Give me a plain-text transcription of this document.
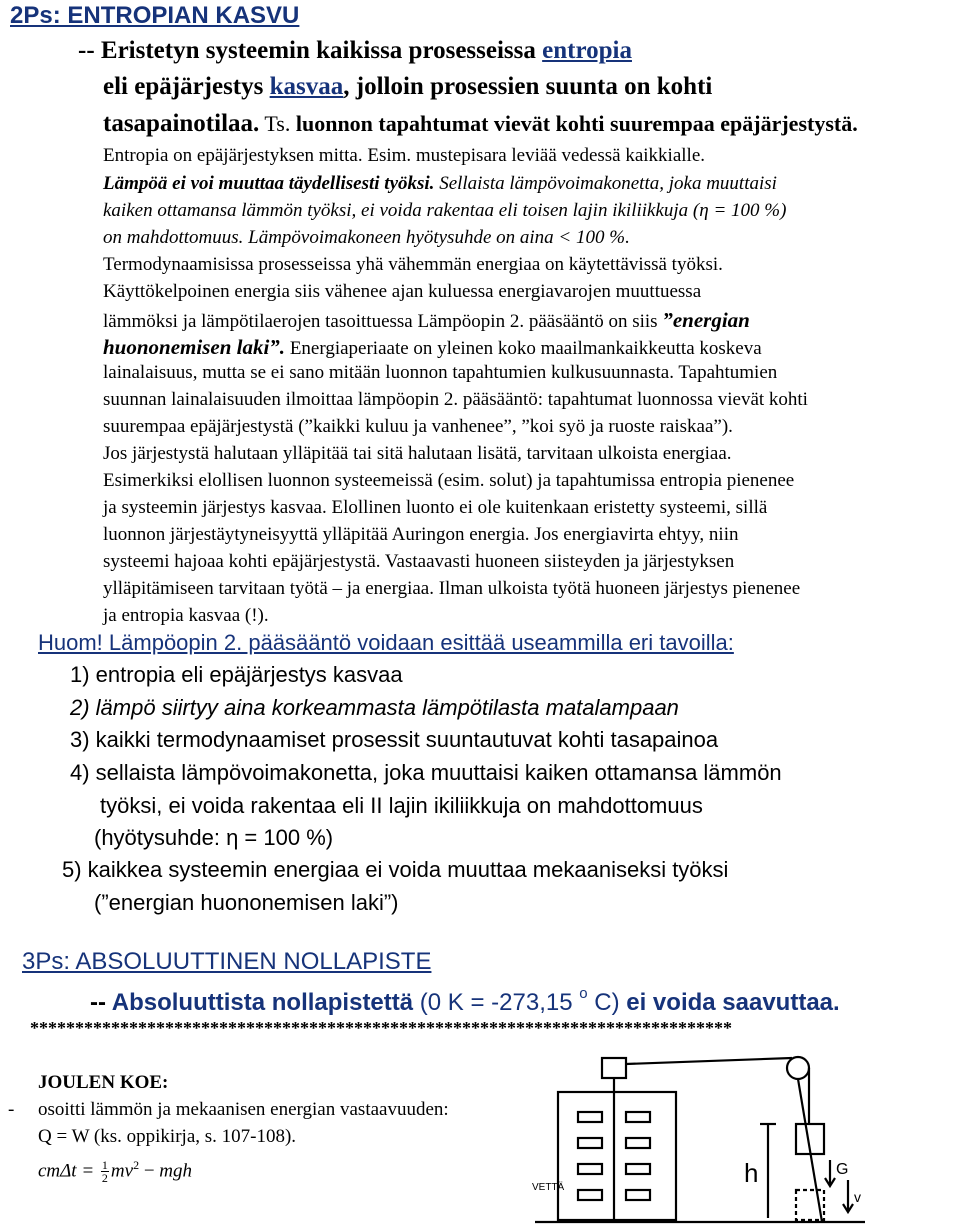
2Ps: ENTROPIAN KASVU
-- Eristetyn systeemin kaikissa prosesseissa entropia
eli epäjärjestys kasvaa, jolloin prosessien suunta on kohti
tasapainotilaa. Ts. luonnon tapahtumat vievät kohti suurempaa epäjärjestystä.
Entropia on epäjärjestyksen mitta. Esim. mustepisara leviää vedessä kaikkialle.
Lämpöä ei voi muuttaa täydellisesti työksi. Sellaista lämpövoimakonetta, joka muuttaisi
kaiken ottamansa lämmön työksi, ei voida rakentaa eli toisen lajin ikiliikkuja (η = 100 %)
on mahdottomuus. Lämpövoimakoneen hyötysuhde on aina < 100 %.
Termodynaamisissa prosesseissa yhä vähemmän energiaa on käytettävissä työksi.
Käyttökelpoinen energia siis vähenee ajan kuluessa energiavarojen muuttuessa
lämmöksi ja lämpötilaerojen tasoittuessa Lämpöopin 2. pääsääntö on siis ”energian
huononemisen laki”. Energiaperiaate on yleinen koko maailmankaikkeutta koskeva
lainalaisuus, mutta se ei sano mitään luonnon tapahtumien kulkusuunnasta. Tapahtumien
suunnan lainalaisuuden ilmoittaa lämpöopin 2. pääsääntö: tapahtumat luonnossa vievät kohti
suurempaa epäjärjestystä (”kaikki kuluu ja vanhenee”, ”koi syö ja ruoste raiskaa”).
Jos järjestystä halutaan ylläpitää tai sitä halutaan lisätä, tarvitaan ulkoista energiaa.
Esimerkiksi elollisen luonnon systeemeissä (esim. solut) ja tapahtumissa entropia pienenee
ja systeemin järjestys kasvaa. Elollinen luonto ei ole kuitenkaan eristetty systeemi, sillä
luonnon järjestäytyneisyyttä ylläpitää Auringon energia. Jos energiavirta ehtyy, niin
systeemi hajoaa kohti epäjärjestystä. Vastaavasti huoneen siisteyden ja järjestyksen
ylläpitämiseen tarvitaan työtä – ja energiaa. Ilman ulkoista työtä huoneen järjestys pienenee
ja entropia kasvaa (!).
Huom! Lämpöopin 2. pääsääntö voidaan esittää useammilla eri tavoilla:
1) entropia eli epäjärjestys kasvaa
2) lämpö siirtyy aina korkeammasta lämpötilasta matalampaan
3) kaikki termodynaamiset prosessit suuntautuvat kohti tasapainoa
4) sellaista lämpövoimakonetta, joka muuttaisi kaiken ottamansa lämmön
työksi, ei voida rakentaa eli II lajin ikiliikkuja on mahdottomuus
(hyötysuhde: η = 100 %)
5) kaikkea systeemin energiaa ei voida muuttaa mekaaniseksi työksi
(”energian huononemisen laki”)
3Ps: ABSOLUUTTINEN NOLLAPISTE
-- Absoluuttista nollapistettä (0 K = -273,15 $^o$ C) ei voida saavuttaa.
******************************************************************************
JOULEN KOE:
- osoitti lämmön ja mekaanisen energian vastaavuuden:
Q = W (ks. oppikirja, s. 107-108).
$cm\Delta t = \frac{1}{2} mv^2$ − mgh	h	G
v
VETTÄ
